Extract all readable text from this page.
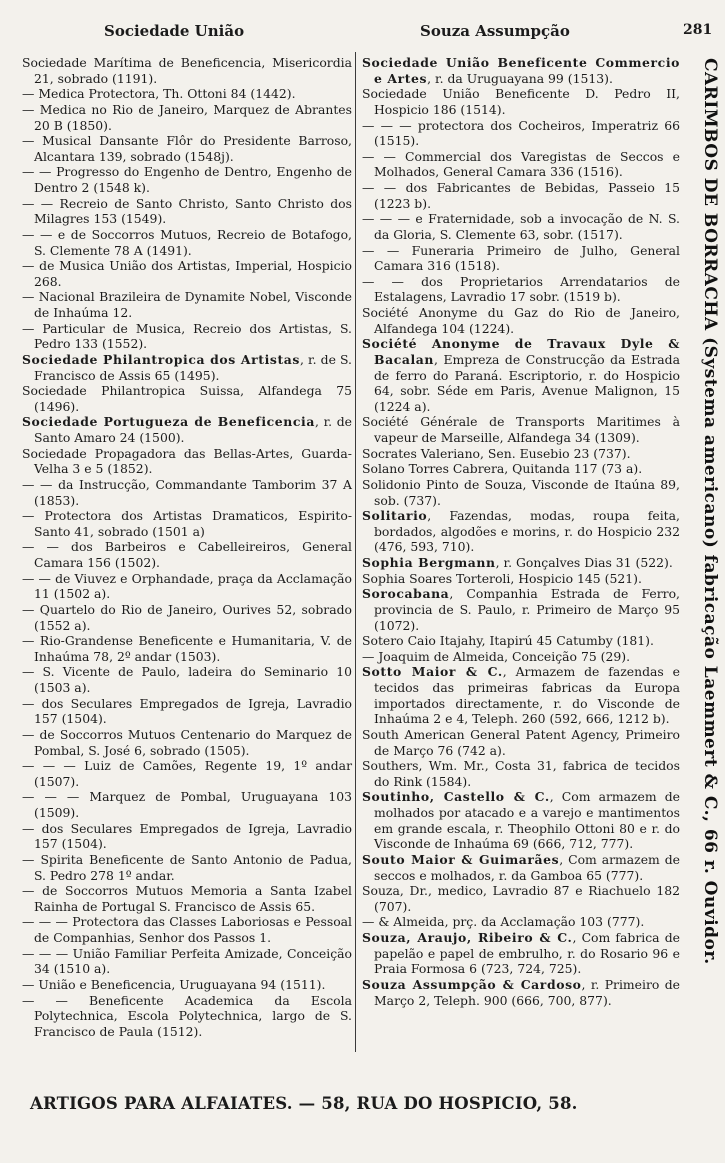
Sociedade União	Souza Assumpção	281

Sociedade Marítima de Beneficencia, Misericordia 21, sobrado (1191).

— Medica Protectora, Th. Ottoni 84 (1442).

— Medica no Rio de Janeiro, Marquez de Abrantes 20 B (1850).

— Musical Dansante Flôr do Presidente Barroso, Alcantara 139, sobrado (1548j).

— — Progresso do Engenho de Dentro, Engenho de Dentro 2 (1548 k).

— — Recreio de Santo Christo, Santo Christo dos Milagres 153 (1549).

— — e de Soccorros Mutuos, Recreio de Botafogo, S. Clemente 78 A (1491).

— de Musica União dos Artistas, Imperial, Hospicio 268.

— Nacional Brazileira de Dynamite Nobel, Visconde de Inhaúma 12.

— Particular de Musica, Recreio dos Artistas, S. Pedro 133 (1552).

Sociedade Philantropica dos Artistas, r. de S. Francisco de Assis 65 (1495).

Sociedade Philantropica Suissa, Alfandega 75 (1496).

Sociedade Portugueza de Beneficencia, r. de Santo Amaro 24 (1500).

Sociedade Propagadora das Bellas-Artes, Guarda-Velha 3 e 5 (1852).

— — da Instrucção, Commandante Tamborim 37 A (1853).

— Protectora dos Artistas Dramaticos, Espirito-Santo 41, sobrado (1501 a)

— — dos Barbeiros e Cabelleireiros, General Camara 156 (1502).

— — de Viuvez e Orphandade, praça da Acclamação 11 (1502 a).

— Quartelo do Rio de Janeiro, Ourives 52, sobrado (1552 a).

— Rio-Grandense Beneficente e Humanitaria, V. de Inhaúma 78, 2º andar (1503).

— S. Vicente de Paulo, ladeira do Seminario 10 (1503 a).

— dos Seculares Empregados de Igreja, Lavradio 157 (1504).

— de Soccorros Mutuos Centenario do Marquez de Pombal, S. José 6, sobrado (1505).

— — — Luiz de Camões, Regente 19, 1º andar (1507).

— — — Marquez de Pombal, Uruguayana 103 (1509).

— dos Seculares Empregados de Igreja, Lavradio 157 (1504).

— Spirita Beneficente de Santo Antonio de Padua, S. Pedro 278 1º andar.

— de Soccorros Mutuos Memoria a Santa Izabel Rainha de Portugal S. Francisco de Assis 65.

— — — Protectora das Classes Laboriosas e Pessoal de Companhias, Senhor dos Passos 1.

— — — União Familiar Perfeita Amizade, Conceição 34 (1510 a).

— União e Beneficencia, Uruguayana 94 (1511).

— — Beneficente Academica da Escola Polytechnica, Escola Polytechnica, largo de S. Francisco de Paula (1512).

Sociedade União Beneficente Commercio e Artes, r. da Uruguayana 99 (1513).

Sociedade União Beneficente D. Pedro II, Hospicio 186 (1514).

— — — protectora dos Cocheiros, Imperatriz 66 (1515).

— — Commercial dos Varegistas de Seccos e Molhados, General Camara 336 (1516).

— — dos Fabricantes de Bebidas, Passeio 15 (1223 b).

— — — e Fraternidade, sob a invocação de N. S. da Gloria, S. Clemente 63, sobr. (1517).

— — Funeraria Primeiro de Julho, General Camara 316 (1518).

— — dos Proprietarios Arrendatarios de Estalagens, Lavradio 17 sobr. (1519 b).

Société Anonyme du Gaz do Rio de Janeiro, Alfandega 104 (1224).

Société Anonyme de Travaux Dyle & Bacalan, Empreza de Construcção da Estrada de ferro do Paraná. Escriptorio, r. do Hospicio 64, sobr. Séde em Paris, Avenue Malignon, 15 (1224 a).

Société Générale de Transports Maritimes à vapeur de Marseille, Alfandega 34 (1309).

Socrates Valeriano, Sen. Eusebio 23 (737).

Solano Torres Cabrera, Quitanda 117 (73 a).

Solidonio Pinto de Souza, Visconde de Itaúna 89, sob. (737).

Solitario, Fazendas, modas, roupa feita, bordados, algodões e morins, r. do Hospicio 232 (476, 593, 710).

Sophia Bergmann, r. Gonçalves Dias 31 (522).

Sophia Soares Torteroli, Hospicio 145 (521).

Sorocabana, Companhia Estrada de Ferro, provincia de S. Paulo, r. Primeiro de Março 95 (1072).

Sotero Caio Itajahy, Itapirú 45 Catumby (181).

— Joaquim de Almeida, Conceição 75 (29).

Sotto Maior & C., Armazem de fazendas e tecidos das primeiras fabricas da Europa importados directamente, r. do Visconde de Inhaúma 2 e 4, Teleph. 260 (592, 666, 1212 b).

South American General Patent Agency, Primeiro de Março 76 (742 a).

Southers, Wm. Mr., Costa 31, fabrica de tecidos do Rink (1584).

Soutinho, Castello & C., Com armazem de molhados por atacado e a varejo e mantimentos em grande escala, r. Theophilo Ottoni 80 e r. do Visconde de Inhaúma 69 (666, 712, 777).

Souto Maior & Guimarães, Com armazem de seccos e molhados, r. da Gamboa 65 (777).

Souza, Dr., medico, Lavradio 87 e Riachuelo 182 (707).

— & Almeida, prç. da Acclamação 103 (777).

Souza, Araujo, Ribeiro & C., Com fabrica de papelão e papel de embrulho, r. do Rosario 96 e Praia Formosa 6 (723, 724, 725).

Souza Assumpção & Cardoso, r. Primeiro de Março 2, Teleph. 900 (666, 700, 877).

CARIMBOS DE BORRACHA (Systema americano) fabricação Laemmert & C., 66 r. Ouvidor.
ARTIGOS PARA ALFAIATES. — 58, RUA DO HOSPICIO, 58.
